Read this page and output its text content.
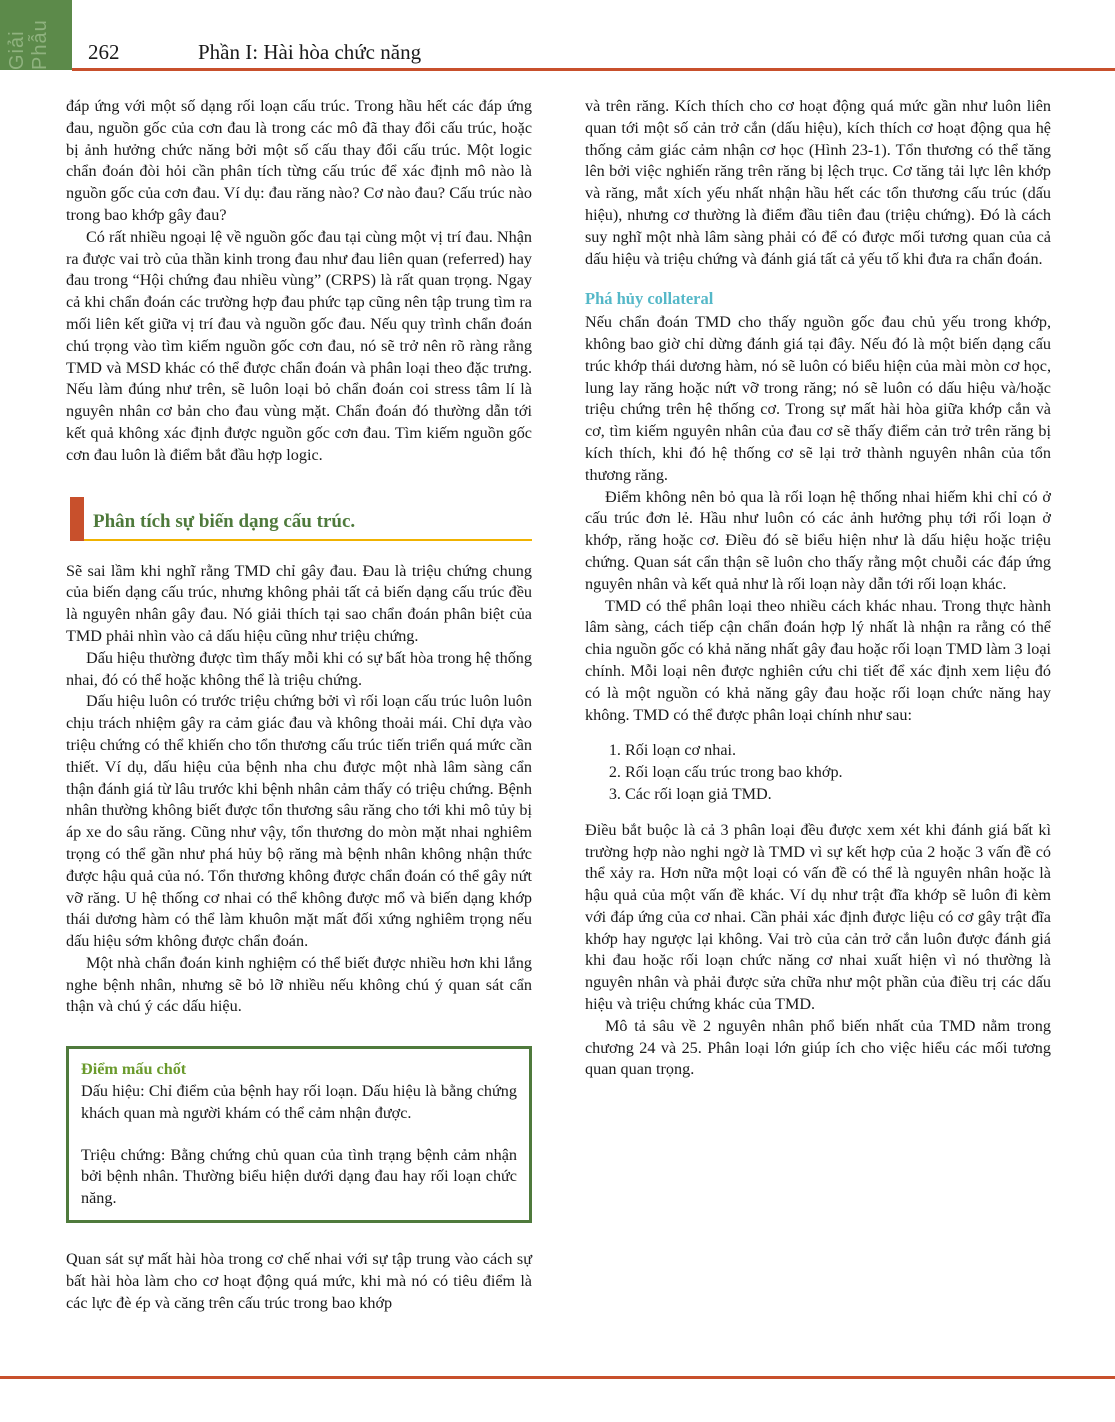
Giải Phẫu 262	Phần I: Hài hòa chức năng

đáp ứng với một số dạng rối loạn cấu trúc. Trong hầu hết các đáp ứng đau, nguồn gốc của cơn đau là trong các mô đã thay đổi cấu trúc, hoặc bị ảnh hưởng chức năng bởi một số cấu thay đổi cấu trúc. Một logic chẩn đoán đòi hỏi cần phân tích từng cấu trúc để xác định mô nào là nguồn gốc của cơn đau. Ví dụ: đau răng nào? Cơ nào đau? Cấu trúc nào trong bao khớp gây đau?

Có rất nhiều ngoại lệ về nguồn gốc đau tại cùng một vị trí đau. Nhận ra được vai trò của thần kinh trong đau như đau liên quan (referred) hay đau trong “Hội chứng đau nhiều vùng” (CRPS) là rất quan trọng. Ngay cả khi chẩn đoán các trường hợp đau phức tạp cũng nên tập trung tìm ra mối liên kết giữa vị trí đau và nguồn gốc đau. Nếu quy trình chẩn đoán chú trọng vào tìm kiếm nguồn gốc cơn đau, nó sẽ trở nên rõ ràng rằng TMD và MSD khác có thể được chẩn đoán và phân loại theo đặc trưng. Nếu làm đúng như trên, sẽ luôn loại bỏ chẩn đoán coi stress tâm lí là nguyên nhân cơ bản cho đau vùng mặt. Chẩn đoán đó thường dẫn tới kết quả không xác định được nguồn gốc cơn đau. Tìm kiếm nguồn gốc cơn đau luôn là điểm bắt đầu hợp logic.

Phân tích sự biến dạng cấu trúc.

Sẽ sai lầm khi nghĩ rằng TMD chỉ gây đau. Đau là triệu chứng chung của biến dạng cấu trúc, nhưng không phải tất cả biến dạng cấu trúc đều là nguyên nhân gây đau. Nó giải thích tại sao chẩn đoán phân biệt của TMD phải nhìn vào cả dấu hiệu cũng như triệu chứng.

Dấu hiệu thường được tìm thấy mỗi khi có sự bất hòa trong hệ thống nhai, đó có thể hoặc không thể là triệu chứng.

Dấu hiệu luôn có trước triệu chứng bởi vì rối loạn cấu trúc luôn luôn chịu trách nhiệm gây ra cảm giác đau và không thoải mái. Chỉ dựa vào triệu chứng có thể khiến cho tổn thương cấu trúc tiến triển quá mức cần thiết. Ví dụ, dấu hiệu của bệnh nha chu được một nhà lâm sàng cẩn thận đánh giá từ lâu trước khi bệnh nhân cảm thấy có triệu chứng. Bệnh nhân thường không biết được tổn thương sâu răng cho tới khi mô tủy bị áp xe do sâu răng. Cũng như vậy, tổn thương do mòn mặt nhai nghiêm trọng có thể gần như phá hủy bộ răng mà bệnh nhân không nhận thức được hậu quả của nó. Tổn thương không được chẩn đoán có thể gây nứt vỡ răng. U hệ thống cơ nhai có thể không được mổ và biến dạng khớp thái dương hàm có thể làm khuôn mặt mất đối xứng nghiêm trọng nếu dấu hiệu sớm không được chẩn đoán.

Một nhà chẩn đoán kinh nghiệm có thể biết được nhiều hơn khi lắng nghe bệnh nhân, nhưng sẽ bỏ lỡ nhiều nếu không chú ý quan sát cẩn thận và chú ý các dấu hiệu.

Điểm mấu chốt

Dấu hiệu: Chỉ điểm của bệnh hay rối loạn. Dấu hiệu là bằng chứng khách quan mà người khám có thể cảm nhận được.

Triệu chứng: Bằng chứng chủ quan của tình trạng bệnh cảm nhận bởi bệnh nhân. Thường biểu hiện dưới dạng đau hay rối loạn chức năng.

Quan sát sự mất hài hòa trong cơ chế nhai với sự tập trung vào cách sự bất hài hòa làm cho cơ hoạt động quá mức, khi mà nó có tiêu điểm là các lực đè ép và căng trên cấu trúc trong bao khớp

và trên răng. Kích thích cho cơ hoạt động quá mức gần như luôn liên quan tới một số cản trở cắn (dấu hiệu), kích thích cơ hoạt động qua hệ thống cảm giác cảm nhận cơ học (Hình 23-1). Tổn thương có thể tăng lên bởi việc nghiến răng trên răng bị lệch trục. Cơ tăng tải lực lên khớp và răng, mắt xích yếu nhất nhận hầu hết các tổn thương cấu trúc (dấu hiệu), nhưng cơ thường là điểm đầu tiên đau (triệu chứng). Đó là cách suy nghĩ một nhà lâm sàng phải có để có được mối tương quan của cả dấu hiệu và triệu chứng và đánh giá tất cả yếu tố khi đưa ra chẩn đoán.

Phá hủy collateral

Nếu chẩn đoán TMD cho thấy nguồn gốc đau chủ yếu trong khớp, không bao giờ chỉ dừng đánh giá tại đây. Nếu đó là một biến dạng cấu trúc khớp thái dương hàm, nó sẽ luôn có biểu hiện của mài mòn cơ học, lung lay răng hoặc nứt vỡ trong răng; nó sẽ luôn có dấu hiệu và/hoặc triệu chứng trên hệ thống cơ. Trong sự mất hài hòa giữa khớp cắn và cơ, tìm kiếm nguyên nhân của đau cơ sẽ thấy điểm cản trở trên răng bị kích thích, khi đó hệ thống cơ sẽ lại trở thành nguyên nhân của tổn thương răng.

Điểm không nên bỏ qua là rối loạn hệ thống nhai hiếm khi chỉ có ở cấu trúc đơn lẻ. Hầu như luôn có các ảnh hưởng phụ tới rối loạn ở khớp, răng hoặc cơ. Điều đó sẽ biểu hiện như là dấu hiệu hoặc triệu chứng. Quan sát cẩn thận sẽ luôn cho thấy rằng một chuỗi các đáp ứng nguyên nhân và kết quả như là rối loạn này dẫn tới rối loạn khác.

TMD có thể phân loại theo nhiều cách khác nhau. Trong thực hành lâm sàng, cách tiếp cận chẩn đoán hợp lý nhất là nhận ra rằng có thể chia nguồn gốc có khả năng nhất gây đau hoặc rối loạn TMD làm 3 loại chính. Mỗi loại nên được nghiên cứu chi tiết để xác định xem liệu đó có là một nguồn có khả năng gây đau hoặc rối loạn chức năng hay không. TMD có thể được phân loại chính như sau:

1. Rối loạn cơ nhai.
2. Rối loạn cấu trúc trong bao khớp.
3. Các rối loạn giả TMD.

Điều bắt buộc là cả 3 phân loại đều được xem xét khi đánh giá bất kì trường hợp nào nghi ngờ là TMD vì sự kết hợp của 2 hoặc 3 vấn đề có thể xảy ra. Hơn nữa một loại có vấn đề có thể là nguyên nhân hoặc là hậu quả của một vấn đề khác. Ví dụ như trật đĩa khớp sẽ luôn đi kèm với đáp ứng của cơ nhai. Cần phải xác định được liệu có cơ gây trật đĩa khớp hay ngược lại không. Vai trò của cản trở cắn luôn được đánh giá khi đau hoặc rối loạn chức năng cơ nhai xuất hiện vì nó thường là nguyên nhân và phải được sửa chữa như một phần của điều trị các dấu hiệu và triệu chứng khác của TMD.

Mô tả sâu về 2 nguyên nhân phổ biến nhất của TMD nằm trong chương 24 và 25. Phân loại lớn giúp ích cho việc hiểu các mối tương quan quan trọng.
